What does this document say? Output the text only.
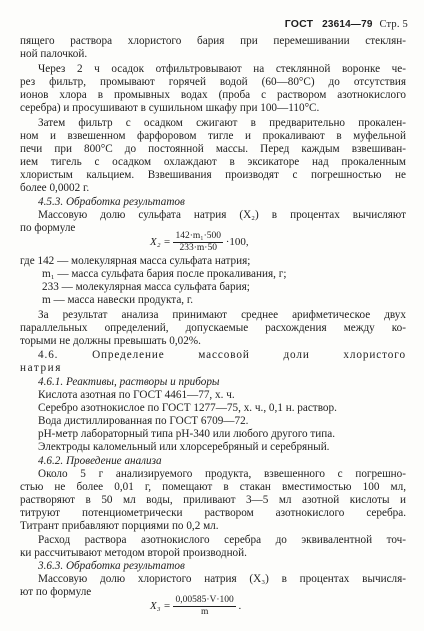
ГОСТ 23614—79 Стр. 5
пящего раствора хлористого бария при перемешивании стеклян-
ной палочкой.
Через 2 ч осадок отфильтровывают на стеклянной воронке че-
рез фильтр, промывают горячей водой (60—80°С) до отсутствия
ионов хлора в промывных водах (проба с раствором азотнокислого
серебра) и просушивают в сушильном шкафу при 100—110°С.
Затем фильтр с осадком сжигают в предварительно прокален-
ном и взвешенном фарфоровом тигле и прокаливают в муфельной
печи при 800°С до постоянной массы. Перед каждым взвешиван-
ием тигель с осадком охлаждают в эксикаторе над прокаленным
хлористым кальцием. Взвешивания производят с погрешностью не
более 0,0002 г.
4.5.3. Обработка результатов
Массовую долю сульфата натрия (X₂) в процентах вычисляют
по формуле
$X_2 = \frac{\text{142·m₁·500}}{233\cdot m\cdot 50} \cdot 100$,
где 142 — молекулярная масса сульфата натрия;
m₁ — масса сульфата бария после прокаливания, г;
233 — молекулярная масса сульфата бария;
m — масса навески продукта, г.
За результат анализа принимают среднее арифметическое двух
параллельных определений, допускаемые расхождения между ко-
торыми не должны превышать 0,02%.
4.6. Определение массовой доли хлористого
натрия
4.6.1. Реактивы, растворы и приборы
Кислота азотная по ГОСТ 4461—77, х. ч.
Серебро азотнокислое по ГОСТ 1277—75, х. ч., 0,1 н. раствор.
Вода дистиллированная по ГОСТ 6709—72.
рН-метр лабораторный типа рН-340 или любого другого типа.
Электроды каломельный или хлорсеребряный и серебряный.
4.6.2. Проведение анализа
Около 5 г анализируемого продукта, взвешенного с погрешно-
стью не более 0,01 г, помещают в стакан вместимостью 100 мл,
растворяют в 50 мл воды, приливают 3—5 мл азотной кислоты и
титруют потенциометрически раствором азотнокислого серебра.
Титрант прибавляют порциями по 0,2 мл.
Расход раствора азотнокислого серебра до эквивалентной точ-
ки рассчитывают методом второй производной.
3.6.3. Обработка результатов
Массовую долю хлористого натрия (X₃) в процентах вычисля-
ют по формуле
$X_3 = \frac{0,00585\cdot V\cdot 100}{m}$ .
